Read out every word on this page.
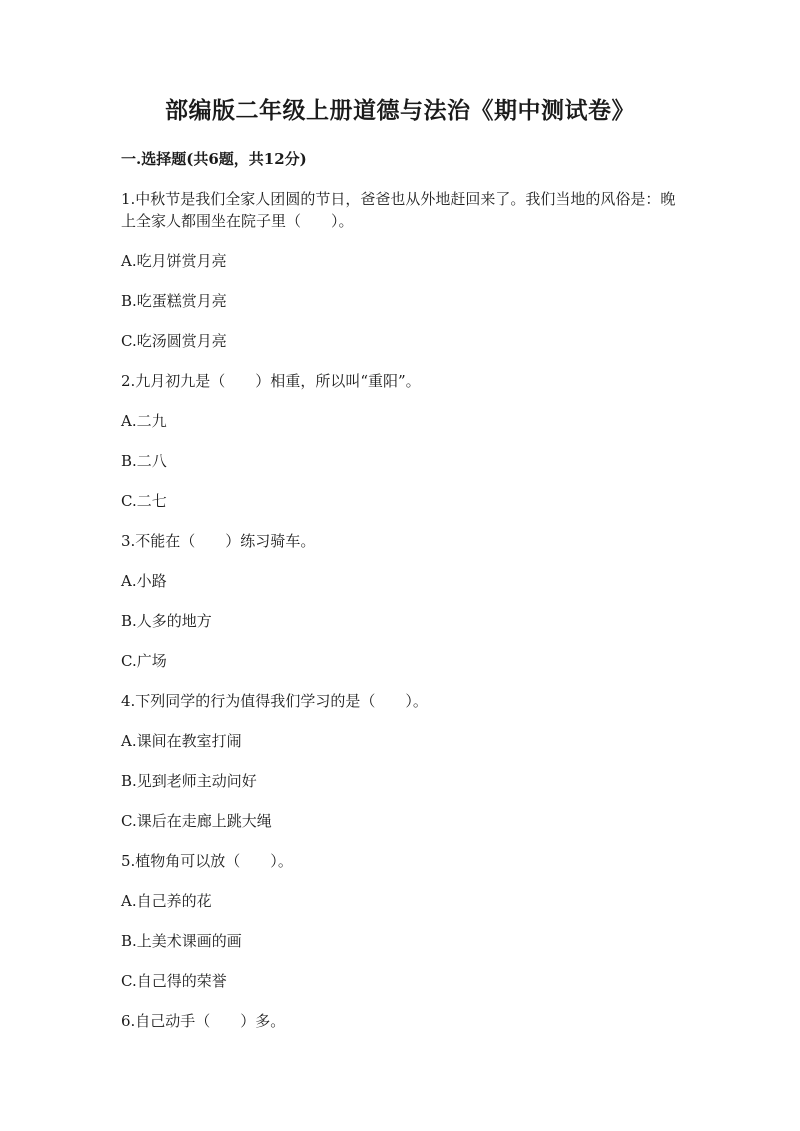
部编版二年级上册道德与法治《期中测试卷》
一.选择题(共6题，共12分)
1.中秋节是我们全家人团圆的节日，爸爸也从外地赶回来了。我们当地的风俗是：晚上全家人都围坐在院子里（　　）。
A.吃月饼赏月亮
B.吃蛋糕赏月亮
C.吃汤圆赏月亮
2.九月初九是（　　）相重，所以叫“重阳”。
A.二九
B.二八
C.二七
3.不能在（　　）练习骑车。
A.小路
B.人多的地方
C.广场
4.下列同学的行为值得我们学习的是（　　）。
A.课间在教室打闹
B.见到老师主动问好
C.课后在走廊上跳大绳
5.植物角可以放（　　）。
A.自己养的花
B.上美术课画的画
C.自己得的荣誉
6.自己动手（　　）多。
